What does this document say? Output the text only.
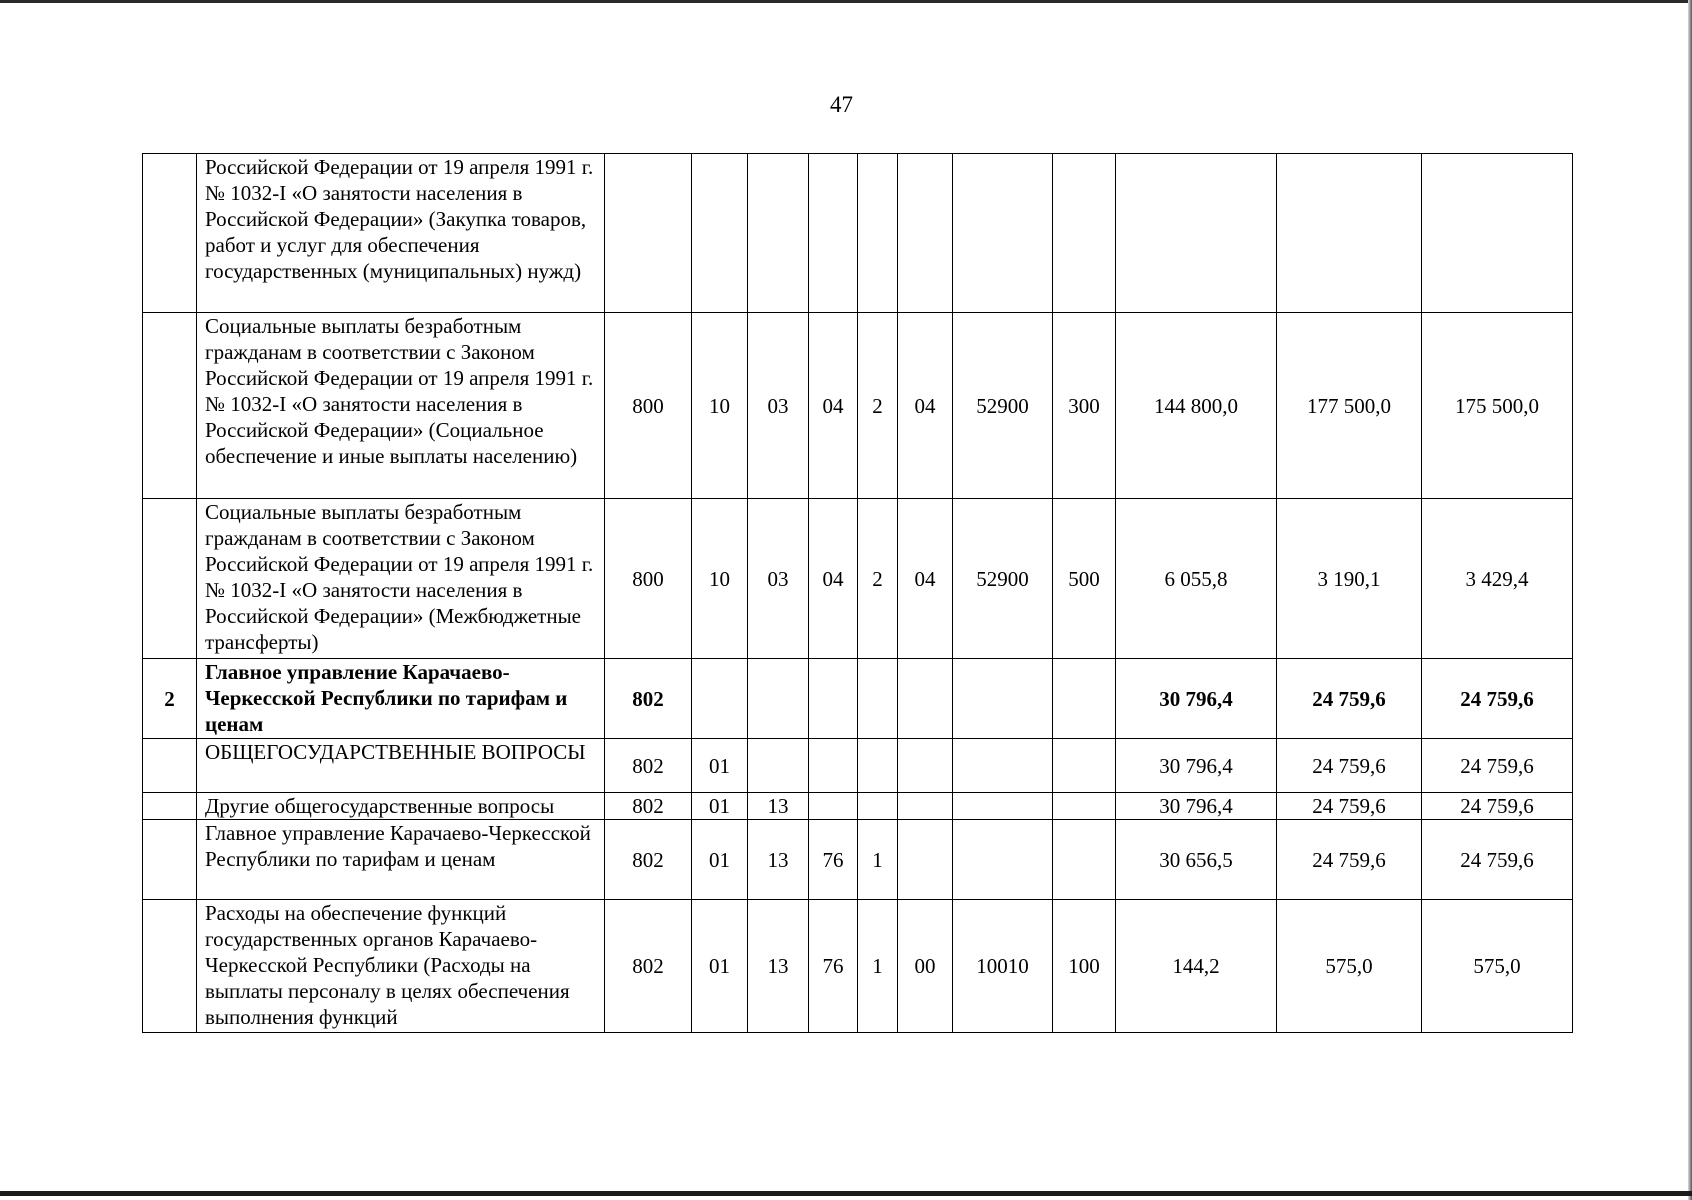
47
	Российской Федерации от 19 апреля 1991 г. № 1032-I «О занятости населения в Российской Федерации» (Закупка товаров, работ и услуг для обеспечения государственных (муниципальных) нужд)											
	Социальные выплаты безработным гражданам в соответствии с Законом Российской Федерации от 19 апреля 1991 г. № 1032-I «О занятости населения в Российской Федерации» (Социальное обеспечение и иные выплаты населению)	800	10	03	04	2	04	52900	300	144 800,0	177 500,0	175 500,0
	Социальные выплаты безработным гражданам в соответствии с Законом Российской Федерации от 19 апреля 1991 г. № 1032-I «О занятости населения в Российской Федерации» (Межбюджетные трансферты)	800	10	03	04	2	04	52900	500	6 055,8	3 190,1	3 429,4
2	Главное управление Карачаево-Черкесской Республики по тарифам и ценам	802								30 796,4	24 759,6	24 759,6
	ОБЩЕГОСУДАРСТВЕННЫЕ ВОПРОСЫ	802	01							30 796,4	24 759,6	24 759,6
	Другие общегосударственные вопросы	802	01	13						30 796,4	24 759,6	24 759,6
	Главное управление Карачаево-Черкесской Республики по тарифам и ценам	802	01	13	76	1				30 656,5	24 759,6	24 759,6
	Расходы на обеспечение функций государственных органов Карачаево-Черкесской Республики (Расходы на выплаты персоналу в целях обеспечения выполнения функций	802	01	13	76	1	00	10010	100	144,2	575,0	575,0
